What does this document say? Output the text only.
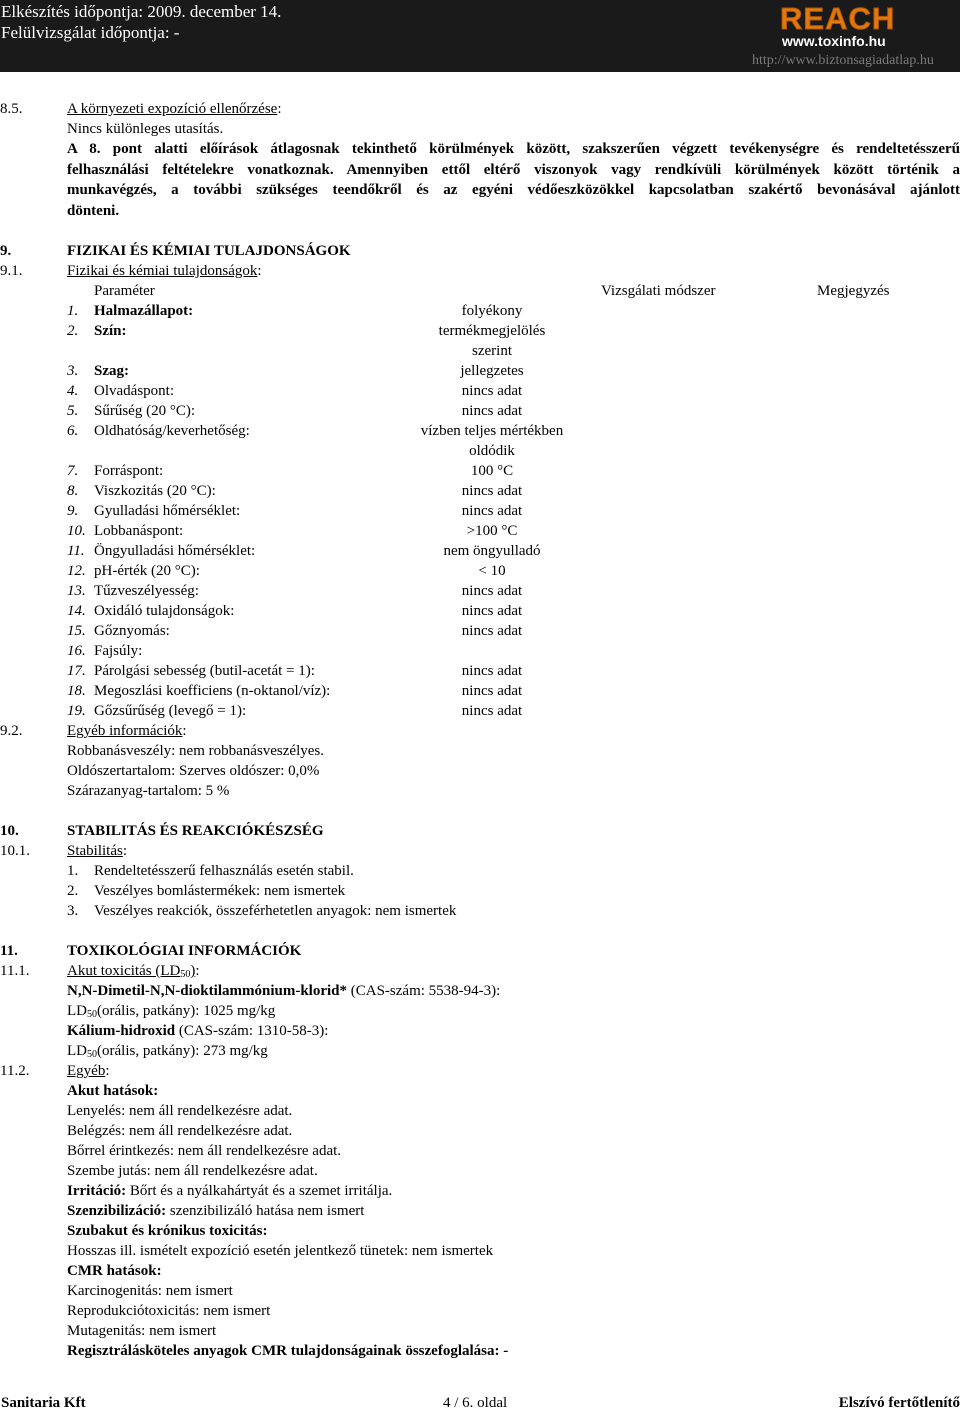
Elkészítés időpontja: 2009. december 14.
Felülvizsgálat időpontja: -	REACH
www.toxinfo.hu
http://www.biztonsagiadatlap.hu
8.5.	A környezeti expozíció ellenőrzése:
Nincs különleges utasítás.

A 8. pont alatti előírások átlagosnak tekinthető körülmények között, szakszerűen végzett tevékenységre és rendeltetésszerű

felhasználási feltételekre vonatkoznak. Amennyiben ettől eltérő viszonyok vagy rendkívüli körülmények között történik a

munkavégzés, a további szükséges teendőkről és az egyéni védőeszközökkel kapcsolatban szakértő bevonásával ajánlott

dönteni.

9.	FIZIKAI ÉS KÉMIAI TULAJDONSÁGOK
9.1.	Fizikai és kémiai tulajdonságok:
Paraméter	Vizsgálati módszer	Megjegyzés
1. Halmazállapot:	folyékony
2. Szín:	termékmegjelölés
szerint
3. Szag:	jellegzetes
4. Olvadáspont:	nincs adat
5. Sűrűség (20 °C):	nincs adat
6. Oldhatóság/keverhetőség:	vízben teljes mértékben
oldódik
7. Forráspont:	100 °C
8. Viszkozitás (20 °C):	nincs adat
9. Gyulladási hőmérséklet:	nincs adat
10. Lobbanáspont:	>100 °C
11. Öngyulladási hőmérséklet:	nem öngyulladó
12. pH-érték (20 °C):	< 10
13. Tűzveszélyesség:	nincs adat
14. Oxidáló tulajdonságok:	nincs adat
15. Gőznyomás:	nincs adat
16. Fajsúly:
17. Párolgási sebesség (butil-acetát = 1):	nincs adat
18. Megoszlási koefficiens (n-oktanol/víz):	nincs adat
19. Gőzsűrűség (levegő = 1):	nincs adat
9.2.	Egyéb információk:
Robbanásveszély: nem robbanásveszélyes.
Oldószertartalom: Szerves oldószer: 0,0%
Szárazanyag-tartalom: 5 %
10.	STABILITÁS ÉS REAKCIÓKÉSZSÉG
10.1. Stabilitás:
1. Rendeltetésszerű felhasználás esetén stabil.
2. Veszélyes bomlástermékek: nem ismertek
3. Veszélyes reakciók, összeférhetetlen anyagok: nem ismertek
11.	TOXIKOLÓGIAI INFORMÁCIÓK
11.1.	Akut toxicitás $(LD_{50})$:
N,N-Dimetil-N,N-dioktilammónium-klorid* (CAS-szám: 5538-94-3):
$LD_{50}(orális$, patkány): 1025 mg/kg
Kálium-hidroxid (CAS-szám: 1310-58-3):
$LD_{50}(orális$, patkány): 273 mg/kg
11.2.	Egyéb:
Akut hatások:
Lenyelés: nem áll rendelkezésre adat.
Belégzés: nem áll rendelkezésre adat.
Bőrrel érintkezés: nem áll rendelkezésre adat.
Szembe jutás: nem áll rendelkezésre adat.
Irritáció: Bőrt és a nyálkahártyát és a szemet irritálja.
Szenzibilizáció: szenzibilizáló hatása nem ismert
Szubakut és krónikus toxicitás:
Hosszas ill. ismételt expozíció esetén jelentkező tünetek: nem ismertek
CMR hatások:
Karcinogenitás: nem ismert
Reprodukciótoxicitás: nem ismert
Mutagenitás: nem ismert
Regisztrálásköteles anyagok CMR tulajdonságainak összefoglalása: -
Sanitaria Kft	4 / 6. oldal	Elszívó fertőtlenítő
